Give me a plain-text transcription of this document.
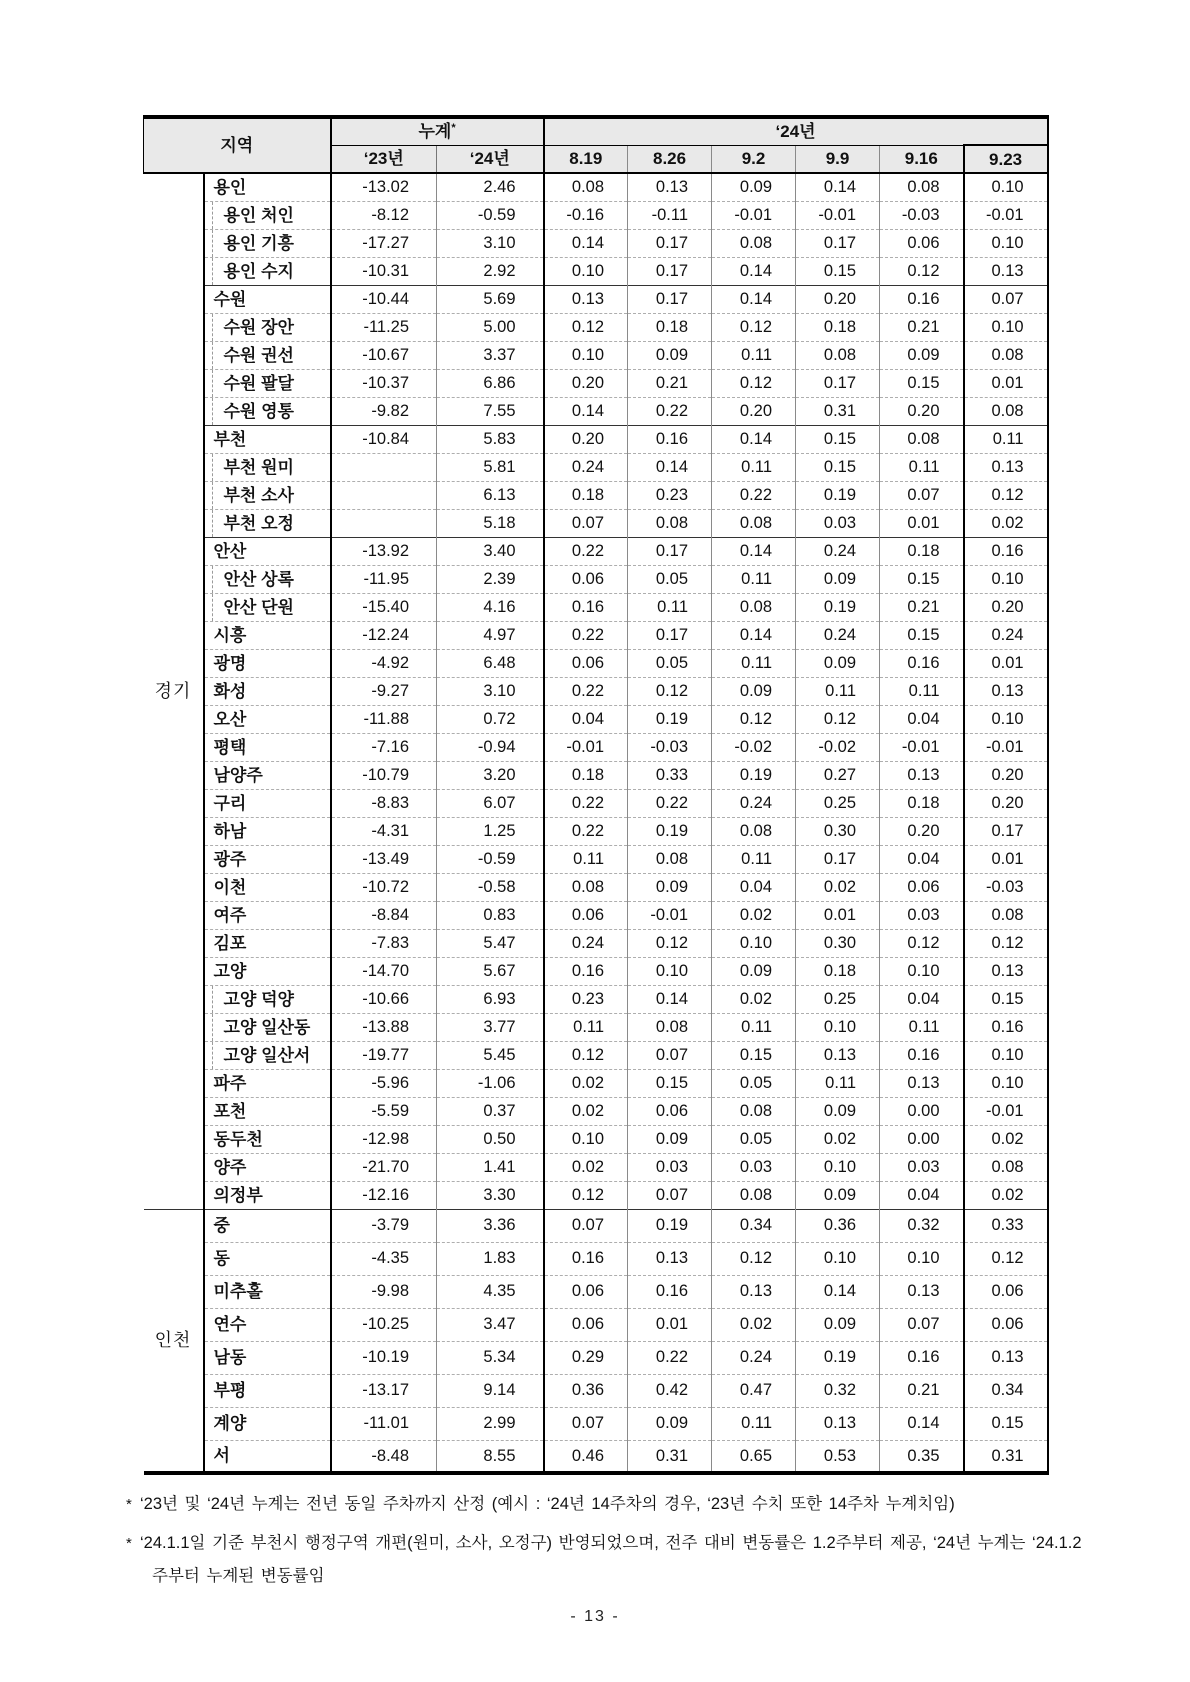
지역		누계*		‘24년					
		‘23년	‘24년	8.19	8.26	9.2	9.9	9.16	9.23
경기	용인	-13.02	2.46	0.08	0.13	0.09	0.14	0.08	0.10
	용인 처인	-8.12	-0.59	-0.16	-0.11	-0.01	-0.01	-0.03	-0.01
	용인 기흥	-17.27	3.10	0.14	0.17	0.08	0.17	0.06	0.10
	용인 수지	-10.31	2.92	0.10	0.17	0.14	0.15	0.12	0.13
	수원	-10.44	5.69	0.13	0.17	0.14	0.20	0.16	0.07
	수원 장안	-11.25	5.00	0.12	0.18	0.12	0.18	0.21	0.10
	수원 권선	-10.67	3.37	0.10	0.09	0.11	0.08	0.09	0.08
	수원 팔달	-10.37	6.86	0.20	0.21	0.12	0.17	0.15	0.01
	수원 영통	-9.82	7.55	0.14	0.22	0.20	0.31	0.20	0.08
	부천	-10.84	5.83	0.20	0.16	0.14	0.15	0.08	0.11
	부천 원미		5.81	0.24	0.14	0.11	0.15	0.11	0.13
	부천 소사		6.13	0.18	0.23	0.22	0.19	0.07	0.12
	부천 오정		5.18	0.07	0.08	0.08	0.03	0.01	0.02
	안산	-13.92	3.40	0.22	0.17	0.14	0.24	0.18	0.16
	안산 상록	-11.95	2.39	0.06	0.05	0.11	0.09	0.15	0.10
	안산 단원	-15.40	4.16	0.16	0.11	0.08	0.19	0.21	0.20
	시흥	-12.24	4.97	0.22	0.17	0.14	0.24	0.15	0.24
	광명	-4.92	6.48	0.06	0.05	0.11	0.09	0.16	0.01
	화성	-9.27	3.10	0.22	0.12	0.09	0.11	0.11	0.13
	오산	-11.88	0.72	0.04	0.19	0.12	0.12	0.04	0.10
	평택	-7.16	-0.94	-0.01	-0.03	-0.02	-0.02	-0.01	-0.01
	남양주	-10.79	3.20	0.18	0.33	0.19	0.27	0.13	0.20
	구리	-8.83	6.07	0.22	0.22	0.24	0.25	0.18	0.20
	하남	-4.31	1.25	0.22	0.19	0.08	0.30	0.20	0.17
	광주	-13.49	-0.59	0.11	0.08	0.11	0.17	0.04	0.01
	이천	-10.72	-0.58	0.08	0.09	0.04	0.02	0.06	-0.03
	여주	-8.84	0.83	0.06	-0.01	0.02	0.01	0.03	0.08
	김포	-7.83	5.47	0.24	0.12	0.10	0.30	0.12	0.12
	고양	-14.70	5.67	0.16	0.10	0.09	0.18	0.10	0.13
	고양 덕양	-10.66	6.93	0.23	0.14	0.02	0.25	0.04	0.15
	고양 일산동	-13.88	3.77	0.11	0.08	0.11	0.10	0.11	0.16
	고양 일산서	-19.77	5.45	0.12	0.07	0.15	0.13	0.16	0.10
	파주	-5.96	-1.06	0.02	0.15	0.05	0.11	0.13	0.10
	포천	-5.59	0.37	0.02	0.06	0.08	0.09	0.00	-0.01
	동두천	-12.98	0.50	0.10	0.09	0.05	0.02	0.00	0.02
	양주	-21.70	1.41	0.02	0.03	0.03	0.10	0.03	0.08
	의정부	-12.16	3.30	0.12	0.07	0.08	0.09	0.04	0.02
인천	중	-3.79	3.36	0.07	0.19	0.34	0.36	0.32	0.33
	동	-4.35	1.83	0.16	0.13	0.12	0.10	0.10	0.12
	미추홀	-9.98	4.35	0.06	0.16	0.13	0.14	0.13	0.06
	연수	-10.25	3.47	0.06	0.01	0.02	0.09	0.07	0.06
	남동	-10.19	5.34	0.29	0.22	0.24	0.19	0.16	0.13
	부평	-13.17	9.14	0.36	0.42	0.47	0.32	0.21	0.34
	계양	-11.01	2.99	0.07	0.09	0.11	0.13	0.14	0.15
	서	-8.48	8.55	0.46	0.31	0.65	0.53	0.35	0.31
* ‘23년 및 ‘24년 누계는 전년 동일 주차까지 산정 (예시 : ‘24년 14주차의 경우, ‘23년 수치 또한 14주차 누계치임)
* ‘24.1.1일 기준 부천시 행정구역 개편(원미, 소사, 오정구) 반영되었으며, 전주 대비 변동률은 1.2주부터 제공, ‘24년 누계는 ‘24.1.2주부터 누계된 변동률임
- 13 -
